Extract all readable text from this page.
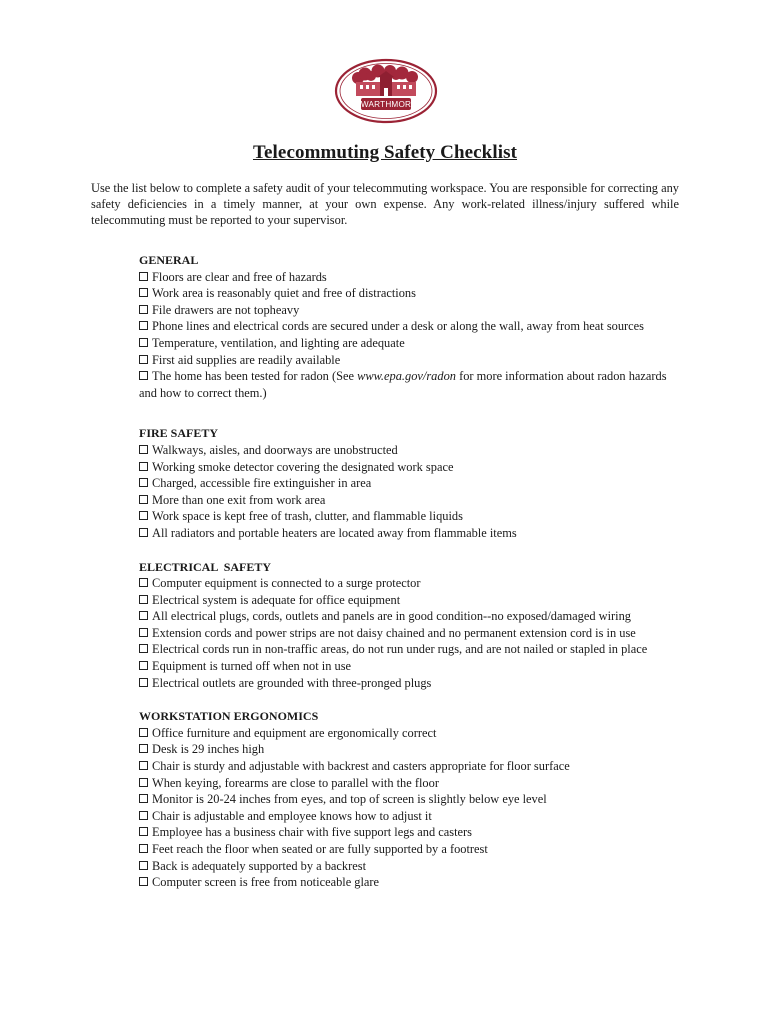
SWARTHMORE
Telecommuting Safety Checklist
Use the list below to complete a safety audit of your telecommuting workspace. You are responsible for correcting any safety deficiencies in a timely manner, at your own expense. Any work-related illness/injury suffered while telecommuting must be reported to your supervisor.
GENERAL
Floors are clear and free of hazards
Work area is reasonably quiet and free of distractions
File drawers are not topheavy
Phone lines and electrical cords are secured under a desk or along the wall, away from heat sources
Temperature, ventilation, and lighting are adequate
First aid supplies are readily available
The home has been tested for radon (See www.epa.gov/radon for more information about radon hazards and how to correct them.)
FIRE SAFETY
Walkways, aisles, and doorways are unobstructed
Working smoke detector covering the designated work space
Charged, accessible fire extinguisher in area
More than one exit from work area
Work space is kept free of trash, clutter, and flammable liquids
All radiators and portable heaters are located away from flammable items
ELECTRICAL  SAFETY
Computer equipment is connected to a surge protector
Electrical system is adequate for office equipment
All electrical plugs, cords, outlets and panels are in good condition--no exposed/damaged wiring
Extension cords and power strips are not daisy chained and no permanent extension cord is in use
Electrical cords run in non-traffic areas, do not run under rugs, and are not nailed or stapled in place
Equipment is turned off when not in use
Electrical outlets are grounded with three-pronged plugs
WORKSTATION ERGONOMICS
Office furniture and equipment are ergonomically correct
Desk is 29 inches high
Chair is sturdy and adjustable with backrest and casters appropriate for floor surface
When keying, forearms are close to parallel with the floor
Monitor is 20-24 inches from eyes, and top of screen is slightly below eye level
Chair is adjustable and employee knows how to adjust it
Employee has a business chair with five support legs and casters
Feet reach the floor when seated or are fully supported by a footrest
Back is adequately supported by a backrest
Computer screen is free from noticeable glare
